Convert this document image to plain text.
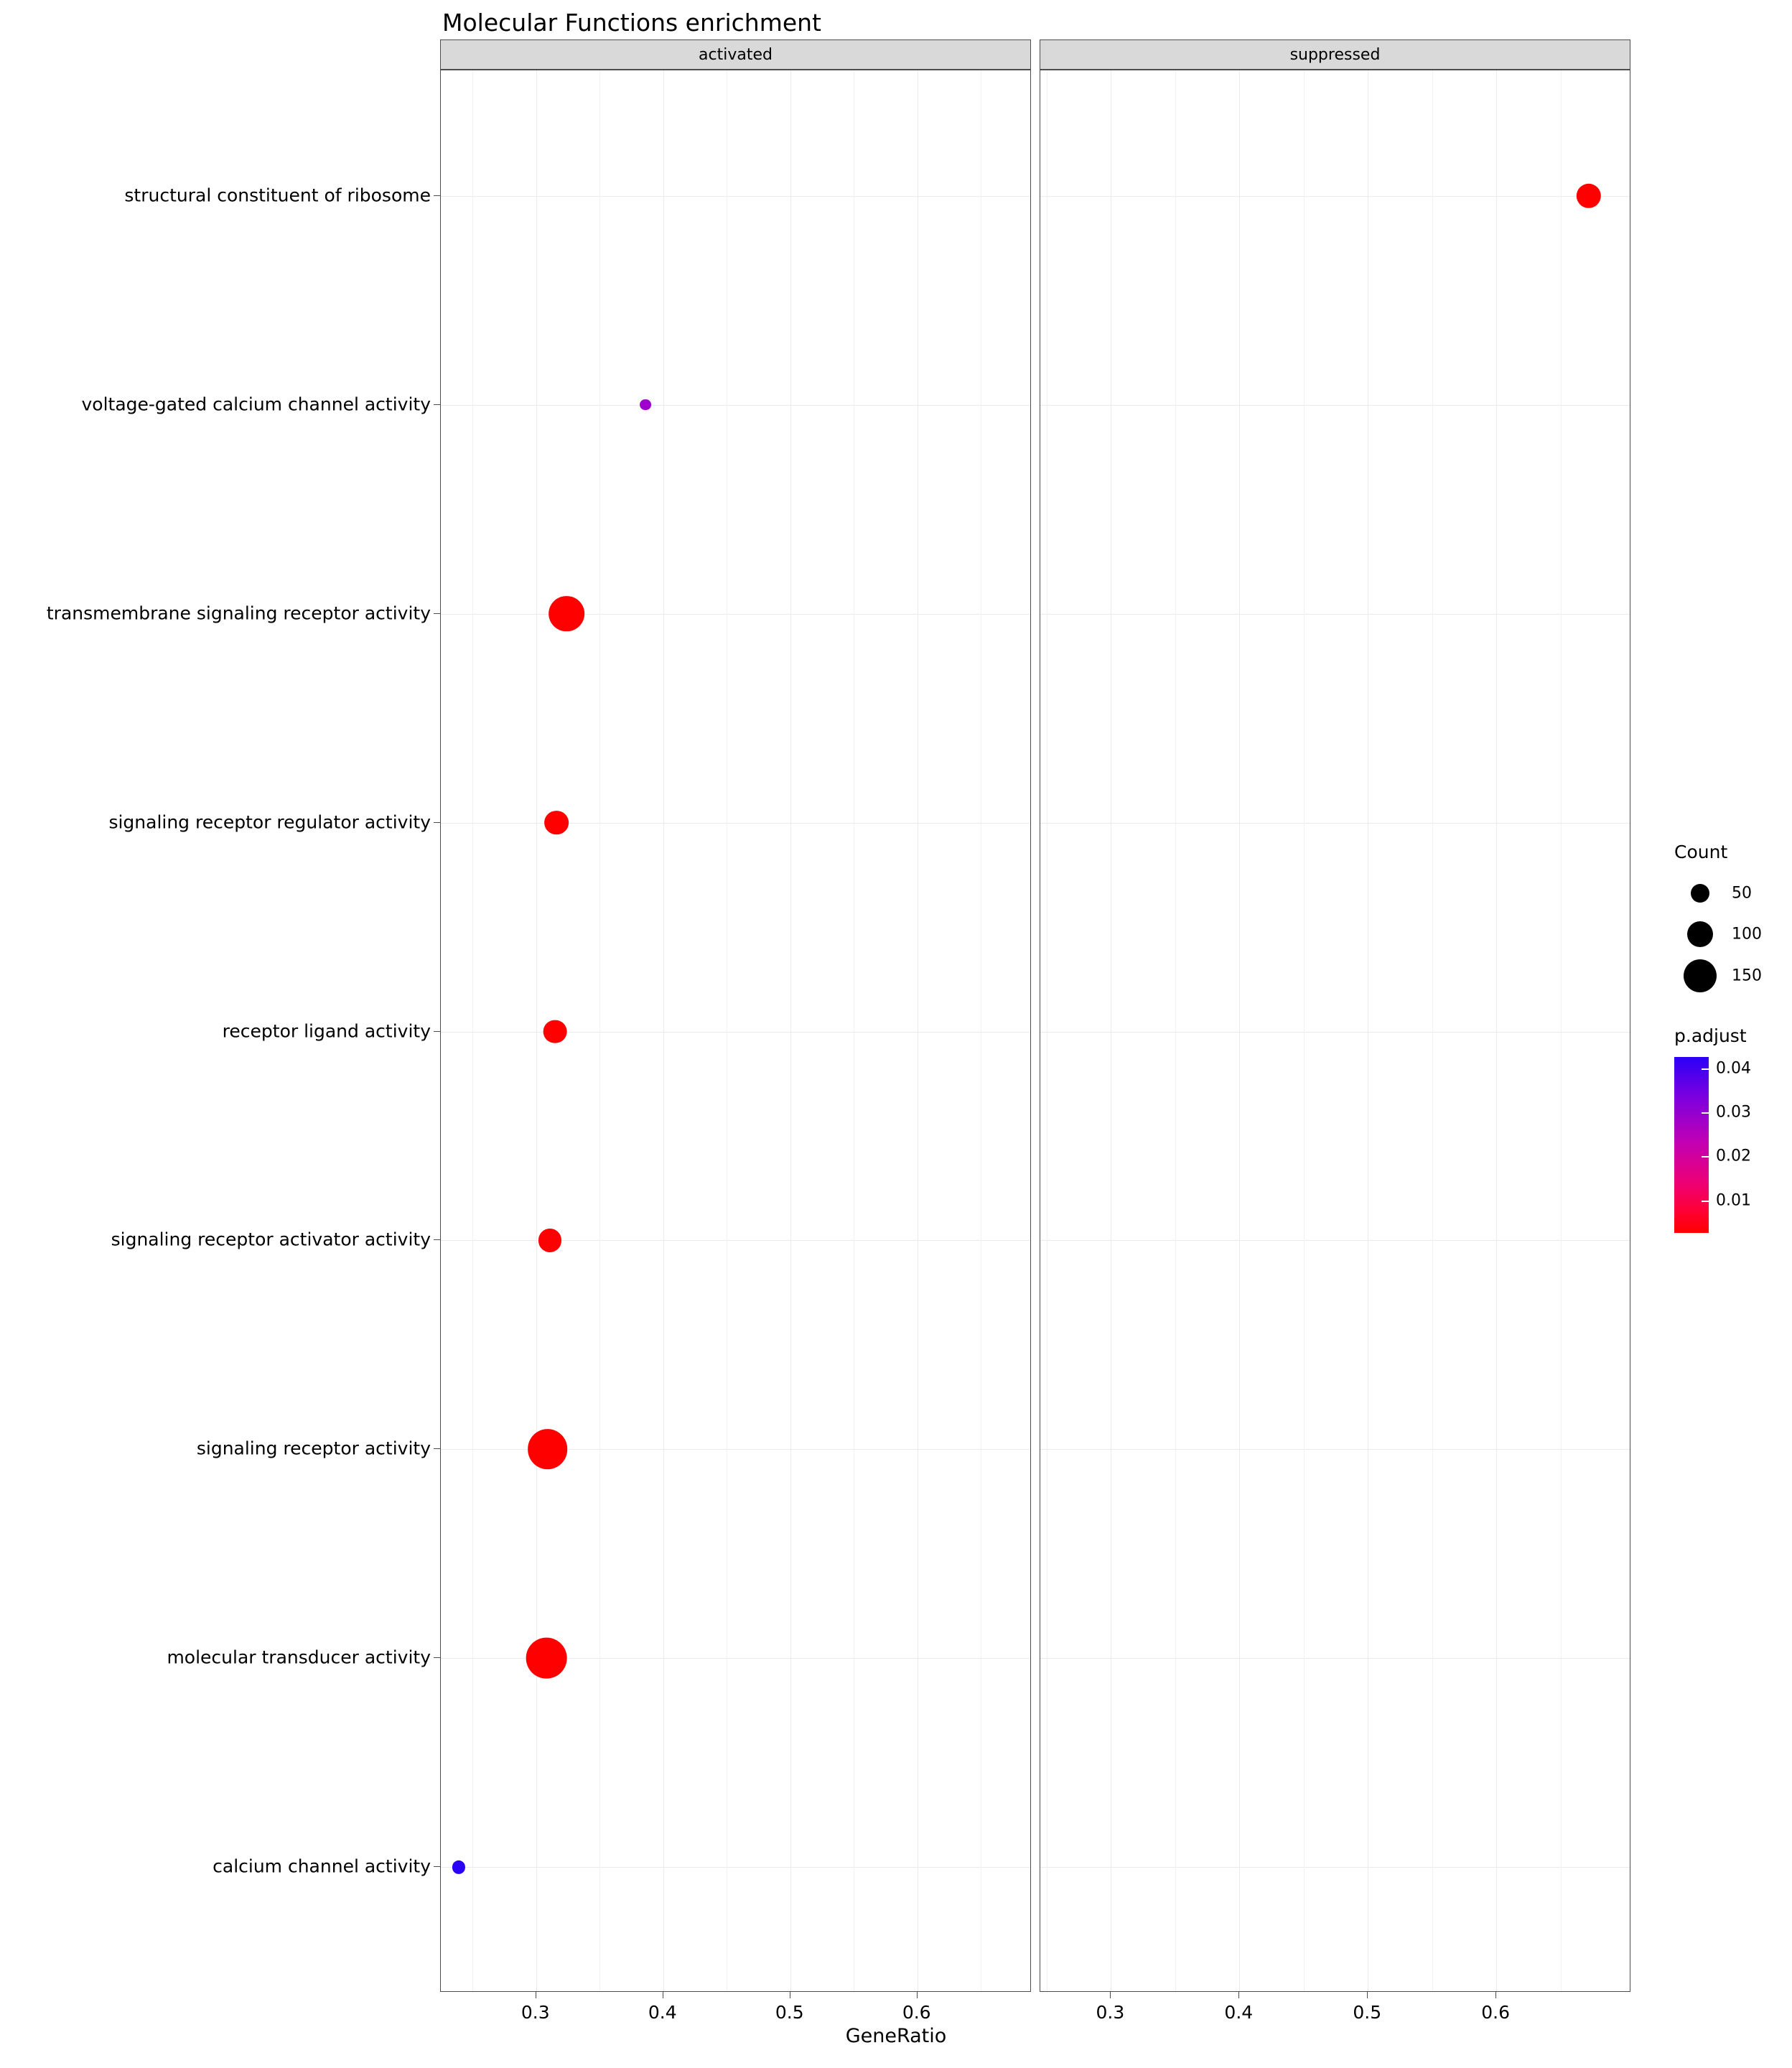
Molecular Functions enrichment
activated	suppressed
structural constituent of ribosome
voltage-gated calcium channel activity
transmembrane signaling receptor activity
signaling receptor regulator activity
receptor ligand activity
signaling receptor activator activity
signaling receptor activity
molecular transducer activity
calcium channel activity
0.3	0.4	0.5	0.6	0.3	0.4	0.5	0.6
GeneRatio
Count
50
100
150
p.adjust
0.04
0.03
0.02
0.01
